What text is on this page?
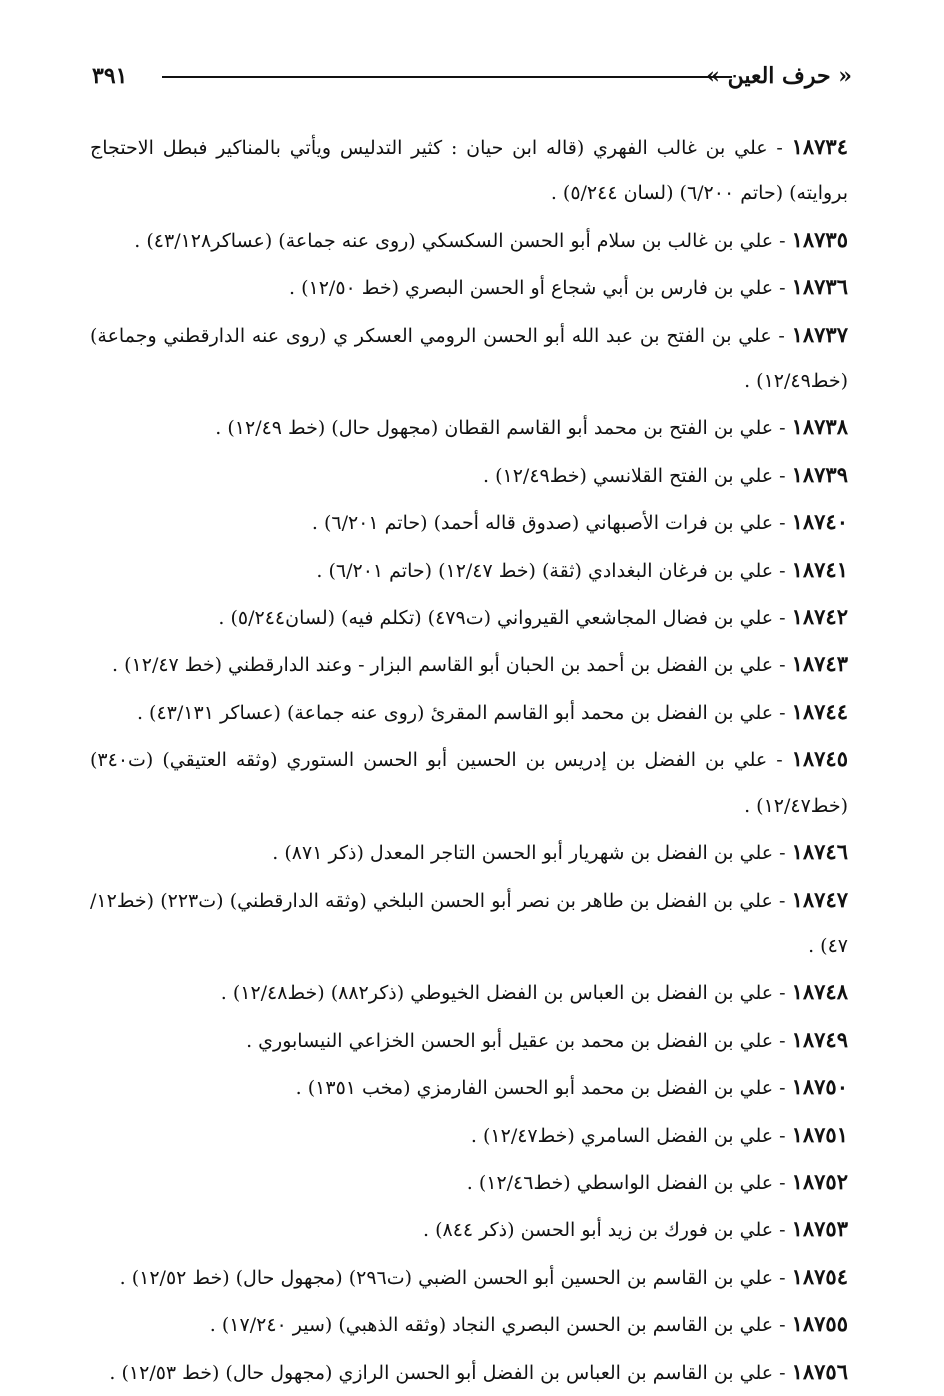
« حرف العين »
٣٩١
١٨٧٣٤ - علي بن غالب الفهري (قاله ابن حيان : كثير التدليس ويأتي بالمناكير فبطل الاحتجاج بروايته) (حاتم ٦/٢٠٠) (لسان ٥/٢٤٤) .
١٨٧٣٥ - علي بن غالب بن سلام أبو الحسن السكسكي (روى عنه جماعة) (عساكر٤٣/١٢٨) .
١٨٧٣٦ - علي بن فارس بن أبي شجاع أو الحسن البصري (خط ١٢/٥٠) .
١٨٧٣٧ - علي بن الفتح بن عبد الله أبو الحسن الرومي العسكر ي (روى عنه الدارقطني وجماعة) (خط١٢/٤٩) .
١٨٧٣٨ - علي بن الفتح بن محمد أبو القاسم القطان (مجهول حال) (خط ١٢/٤٩) .
١٨٧٣٩ - علي بن الفتح القلانسي (خط١٢/٤٩) .
١٨٧٤٠ - علي بن فرات الأصبهاني (صدوق قاله أحمد) (حاتم ٦/٢٠١) .
١٨٧٤١ - علي بن فرغان البغدادي (ثقة) (خط ١٢/٤٧) (حاتم ٦/٢٠١) .
١٨٧٤٢ - علي بن فضال المجاشعي القيرواني (ت٤٧٩) (تكلم فيه) (لسان٥/٢٤٤) .
١٨٧٤٣ - علي بن الفضل بن أحمد بن الحبان أبو القاسم البزار - وعند الدارقطني (خط ١٢/٤٧) .
١٨٧٤٤ - علي بن الفضل بن محمد أبو القاسم المقرئ (روى عنه جماعة) (عساكر ٤٣/١٣١) .
١٨٧٤٥ - علي بن الفضل بن إدريس بن الحسين أبو الحسن الستوري (وثقه العتيقي) (ت٣٤٠) (خط١٢/٤٧) .
١٨٧٤٦ - علي بن الفضل بن شهريار أبو الحسن التاجر المعدل (ذكر ٨٧١) .
١٨٧٤٧ - علي بن الفضل بن طاهر بن نصر أبو الحسن البلخي (وثقه الدارقطني) (ت٢٢٣) (خط١٢/ ٤٧) .
١٨٧٤٨ - علي بن الفضل بن العباس بن الفضل الخيوطي (ذكر٨٨٢) (خط١٢/٤٨) .
١٨٧٤٩ - علي بن الفضل بن محمد بن عقيل أبو الحسن الخزاعي النيسابوري .
١٨٧٥٠ - علي بن الفضل بن محمد أبو الحسن الفارمزي (مخب ١٣٥١) .
١٨٧٥١ - علي بن الفضل السامري (خط١٢/٤٧) .
١٨٧٥٢ - علي بن الفضل الواسطي (خط١٢/٤٦) .
١٨٧٥٣ - علي بن فورك بن زيد أبو الحسن (ذكر ٨٤٤) .
١٨٧٥٤ - علي بن القاسم بن الحسين أبو الحسن الضبي (ت٢٩٦) (مجهول حال) (خط ١٢/٥٢) .
١٨٧٥٥ - علي بن القاسم بن الحسن البصري النجاد (وثقه الذهبي) (سير ١٧/٢٤٠) .
١٨٧٥٦ - علي بن القاسم بن العباس بن الفضل أبو الحسن الرازي (مجهول حال) (خط ١٢/٥٣) .
